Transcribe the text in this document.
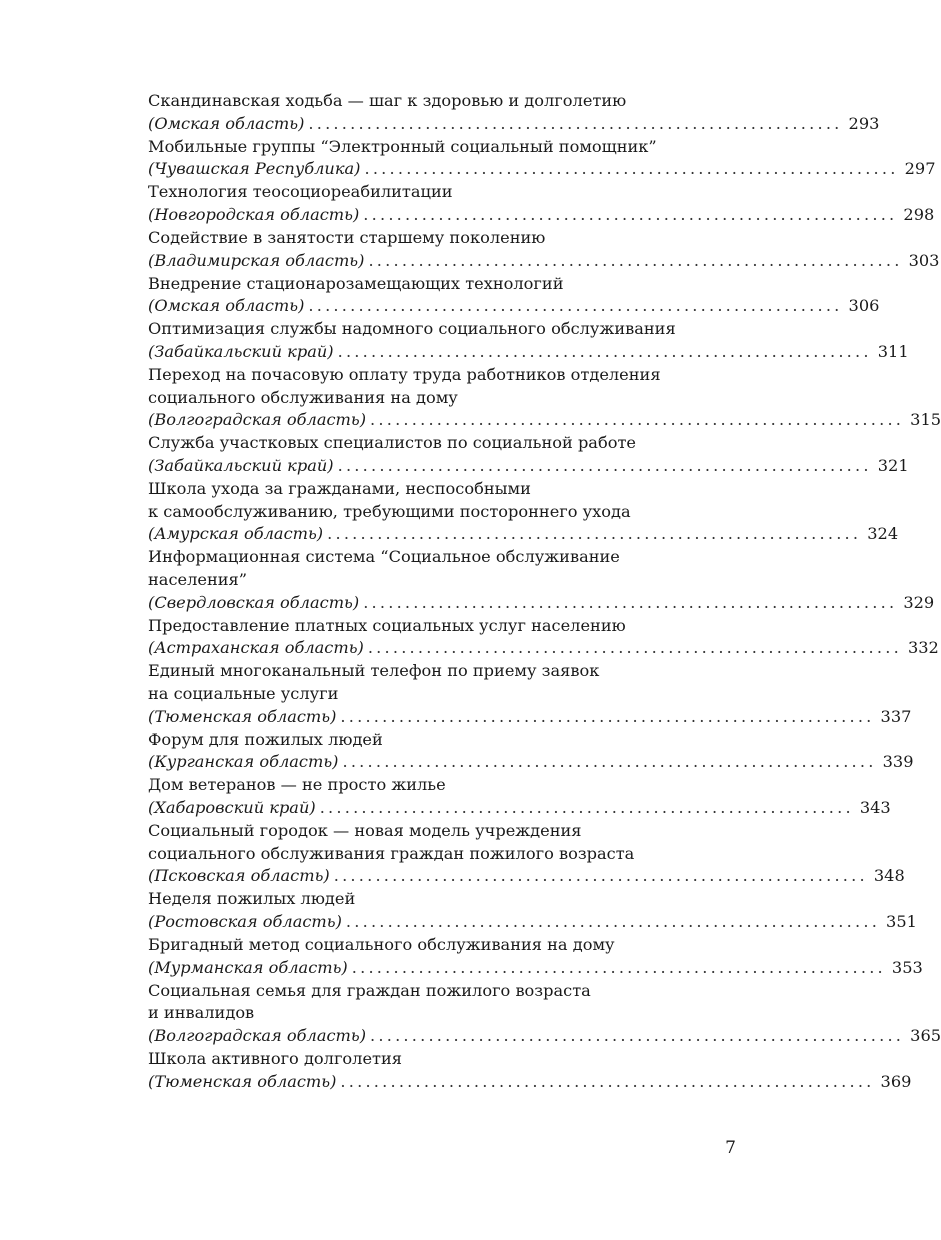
Скандинавская ходьба — шаг к здоровью и долголетию
(Омская область) ................................................................ 293
Мобильные группы “Электронный социальный помощник”
(Чувашская Республика) ................................................................ 297
Технология теосоциореабилитации
(Новгородская область) ................................................................ 298
Содействие в занятости старшему поколению
(Владимирская область) ................................................................ 303
Внедрение стационарозамещающих технологий
(Омская область) ................................................................ 306
Оптимизация службы надомного социального обслуживания
(Забайкальский край) ................................................................ 311
Переход на почасовую оплату труда работников отделения
социального обслуживания на дому
(Волгоградская область) ................................................................ 315
Служба участковых специалистов по социальной работе
(Забайкальский край) ................................................................ 321
Школа ухода за гражданами, неспособными
к самообслуживанию, требующими постороннего ухода
(Амурская область) ................................................................ 324
Информационная система “Социальное обслуживание
населения”
(Свердловская область) ................................................................ 329
Предоставление платных социальных услуг населению
(Астраханская область) ................................................................ 332
Единый многоканальный телефон по приему заявок
на социальные услуги
(Тюменская область) ................................................................ 337
Форум для пожилых людей
(Курганская область) ................................................................ 339
Дом ветеранов — не просто жилье
(Хабаровский край) ................................................................ 343
Социальный городок — новая модель учреждения
социального обслуживания граждан пожилого возраста
(Псковская область) ................................................................ 348
Неделя пожилых людей
(Ростовская область) ................................................................ 351
Бригадный метод социального обслуживания на дому
(Мурманская область) ................................................................ 353
Социальная семья для граждан пожилого возраста
и инвалидов
(Волгоградская область) ................................................................ 365
Школа активного долголетия
(Тюменская область) ................................................................ 369
7
